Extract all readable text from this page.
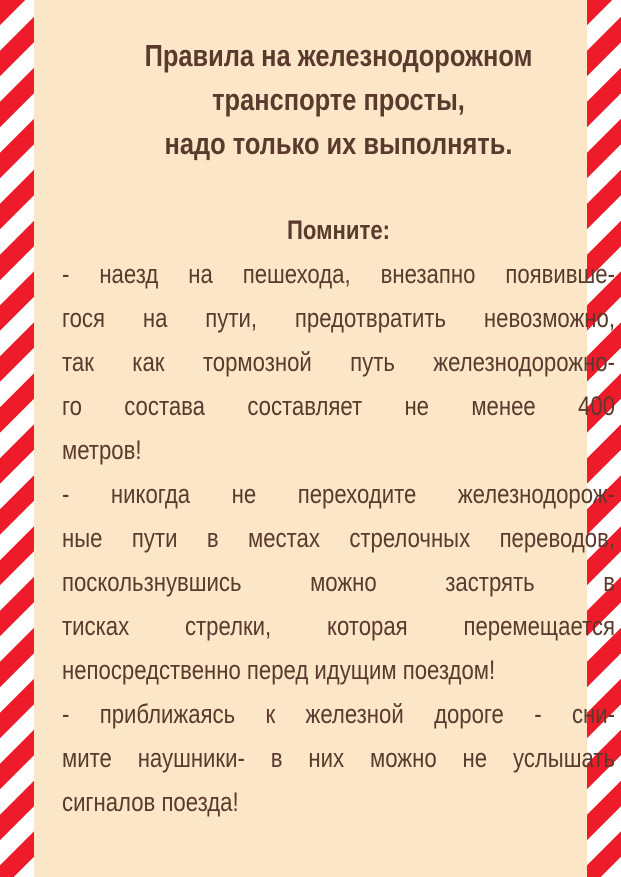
Правила на железнодорожном
транспорте просты,
надо только их выполнять.
Помните:
- наезд на пешехода, внезапно появивше-
гося на пути, предотвратить невозможно,
так как тормозной путь железнодорожно-
го состава составляет не менее 400
метров!
- никогда не переходите железнодорож-
ные пути в местах стрелочных переводов,
поскользнувшись можно застрять в
тисках стрелки, которая перемещается
непосредственно перед идущим поездом!
- приближаясь к железной дороге - сни-
мите наушники- в них можно не услышать
сигналов поезда!
